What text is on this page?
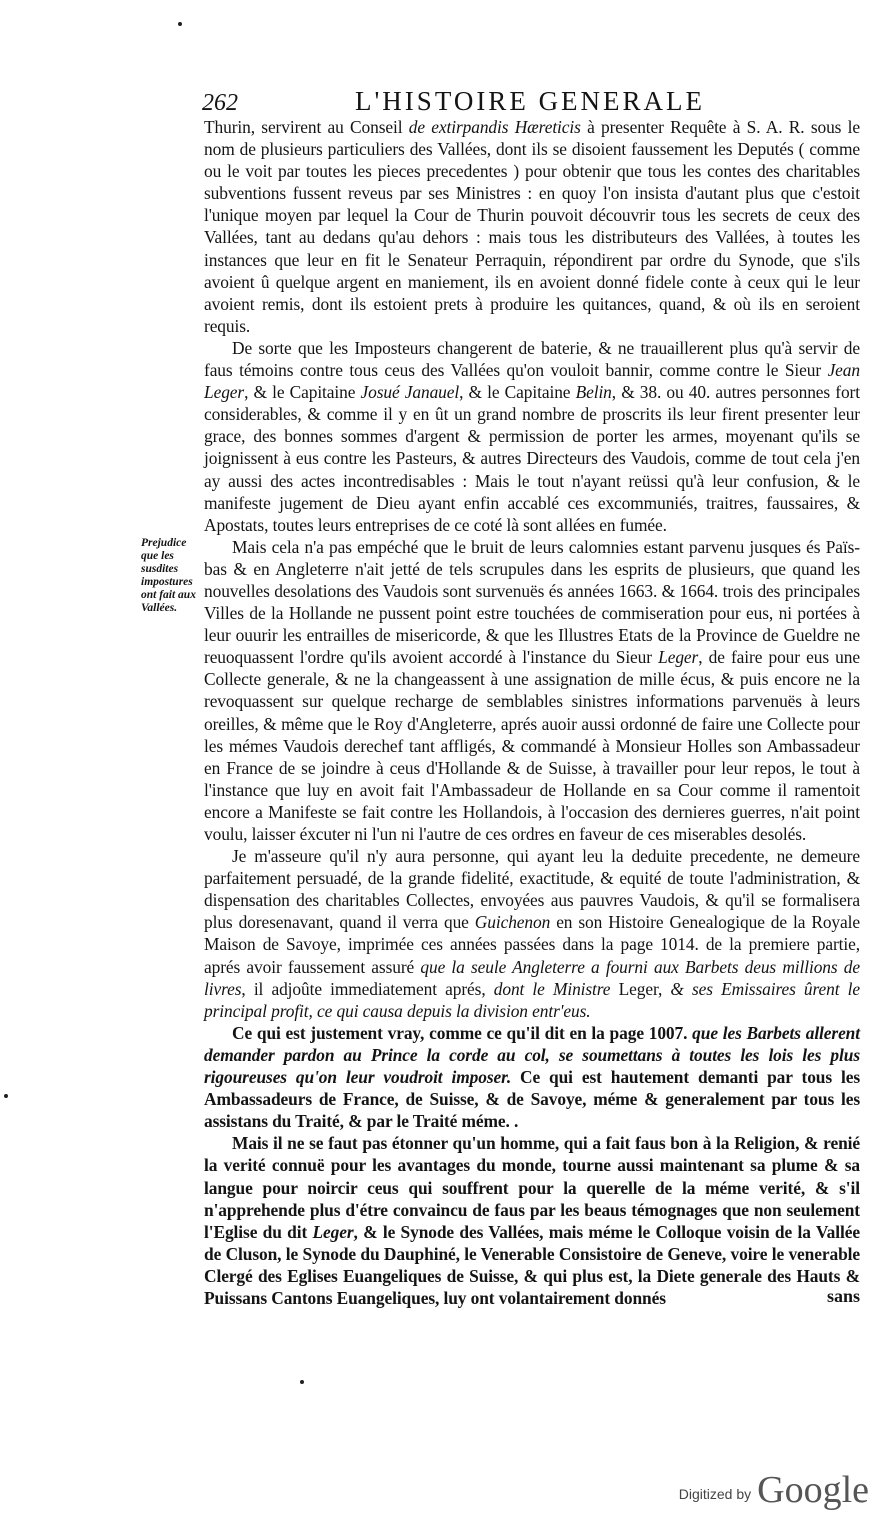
262	L'HISTOIRE GENERALE
Prejudice que les susdites impostures ont fait aux Vallées.

Thurin, servirent au Conseil de extirpandis Hæreticis à presenter Requête à S. A. R. sous le nom de plusieurs particuliers des Vallées, dont ils se disoient faussement les Deputés ( comme ou le voit par toutes les pieces precedentes ) pour obtenir que tous les contes des charitables subventions fussent reveus par ses Ministres : en quoy l'on insista d'autant plus que c'estoit l'unique moyen par lequel la Cour de Thurin pouvoit découvrir tous les secrets de ceux des Vallées, tant au dedans qu'au dehors : mais tous les distributeurs des Vallées, à toutes les instances que leur en fit le Senateur Perraquin, répondirent par ordre du Synode, que s'ils avoient û quelque argent en maniement, ils en avoient donné fidele conte à ceux qui le leur avoient remis, dont ils estoient prets à produire les quitances, quand, & où ils en seroient requis.

De sorte que les Imposteurs changerent de baterie, & ne trauaillerent plus qu'à servir de faus témoins contre tous ceus des Vallées qu'on vouloit bannir, comme contre le Sieur Jean Leger, & le Capitaine Josué Janauel, & le Capitaine Belin, & 38. ou 40. autres personnes fort considerables, & comme il y en ût un grand nombre de proscrits ils leur firent presenter leur grace, des bonnes sommes d'argent & permission de porter les armes, moyenant qu'ils se joignissent à eus contre les Pasteurs, & autres Directeurs des Vaudois, comme de tout cela j'en ay aussi des actes incontredisables : Mais le tout n'ayant reüssi qu'à leur confusion, & le manifeste jugement de Dieu ayant enfin accablé ces excommuniés, traitres, faussaires, & Apostats, toutes leurs entreprises de ce coté là sont allées en fumée.

Mais cela n'a pas empéché que le bruit de leurs calomnies estant parvenu jusques és Païs-bas & en Angleterre n'ait jetté de tels scrupules dans les esprits de plusieurs, que quand les nouvelles desolations des Vaudois sont survenuës és années 1663. & 1664. trois des principales Villes de la Hollande ne pussent point estre touchées de commiseration pour eus, ni portées à leur ouurir les entrailles de misericorde, & que les Illustres Etats de la Province de Gueldre ne reuoquassent l'ordre qu'ils avoient accordé à l'instance du Sieur Leger, de faire pour eus une Collecte generale, & ne la changeassent à une assignation de mille écus, & puis encore ne la revoquassent sur quelque recharge de semblables sinistres informations parvenuës à leurs oreilles, & même que le Roy d'Angleterre, aprés auoir aussi ordonné de faire une Collecte pour les mémes Vaudois derechef tant affligés, & commandé à Monsieur Holles son Ambassadeur en France de se joindre à ceus d'Hollande & de Suisse, à travailler pour leur repos, le tout à l'instance que luy en avoit fait l'Ambassadeur de Hollande en sa Cour comme il ramentoit encore a Manifeste se fait contre les Hollandois, à l'occasion des dernieres guerres, n'ait point voulu, laisser éxcuter ni l'un ni l'autre de ces ordres en faveur de ces miserables desolés.

Je m'asseure qu'il n'y aura personne, qui ayant leu la deduite precedente, ne demeure parfaitement persuadé, de la grande fidelité, exactitude, & equité de toute l'administration, & dispensation des charitables Collectes, envoyées aus pauvres Vaudois, & qu'il se formalisera plus doresenavant, quand il verra que Guichenon en son Histoire Genealogique de la Royale Maison de Savoye, imprimée ces années passées dans la page 1014. de la premiere partie, aprés avoir faussement assuré que la seule Angleterre a fourni aux Barbets deus millions de livres, il adjoûte immediatement aprés, dont le Ministre Leger, & ses Emissaires ûrent le principal profit, ce qui causa depuis la division entr'eus.

Ce qui est justement vray, comme ce qu'il dit en la page 1007. que les Barbets allerent demander pardon au Prince la corde au col, se soumettans à toutes les lois les plus rigoureuses qu'on leur voudroit imposer. Ce qui est hautement demanti par tous les Ambassadeurs de France, de Suisse, & de Savoye, méme & generalement par tous les assistans du Traité, & par le Traité méme. .

Mais il ne se faut pas étonner qu'un homme, qui a fait faus bon à la Religion, & renié la verité connuë pour les avantages du monde, tourne aussi maintenant sa plume & sa langue pour noircir ceus qui souffrent pour la querelle de la méme verité, & s'il n'apprehende plus d'étre convaincu de faus par les beaus témognages que non seulement l'Eglise du dit Leger, & le Synode des Vallées, mais méme le Colloque voisin de la Vallée de Cluson, le Synode du Dauphiné, le Venerable Consistoire de Geneve, voire le venerable Clergé des Eglises Euangeliques de Suisse, & qui plus est, la Diete generale des Hauts & Puissans Cantons Euangeliques, luy ont volantairement donnés	sans
Digitized by Google
